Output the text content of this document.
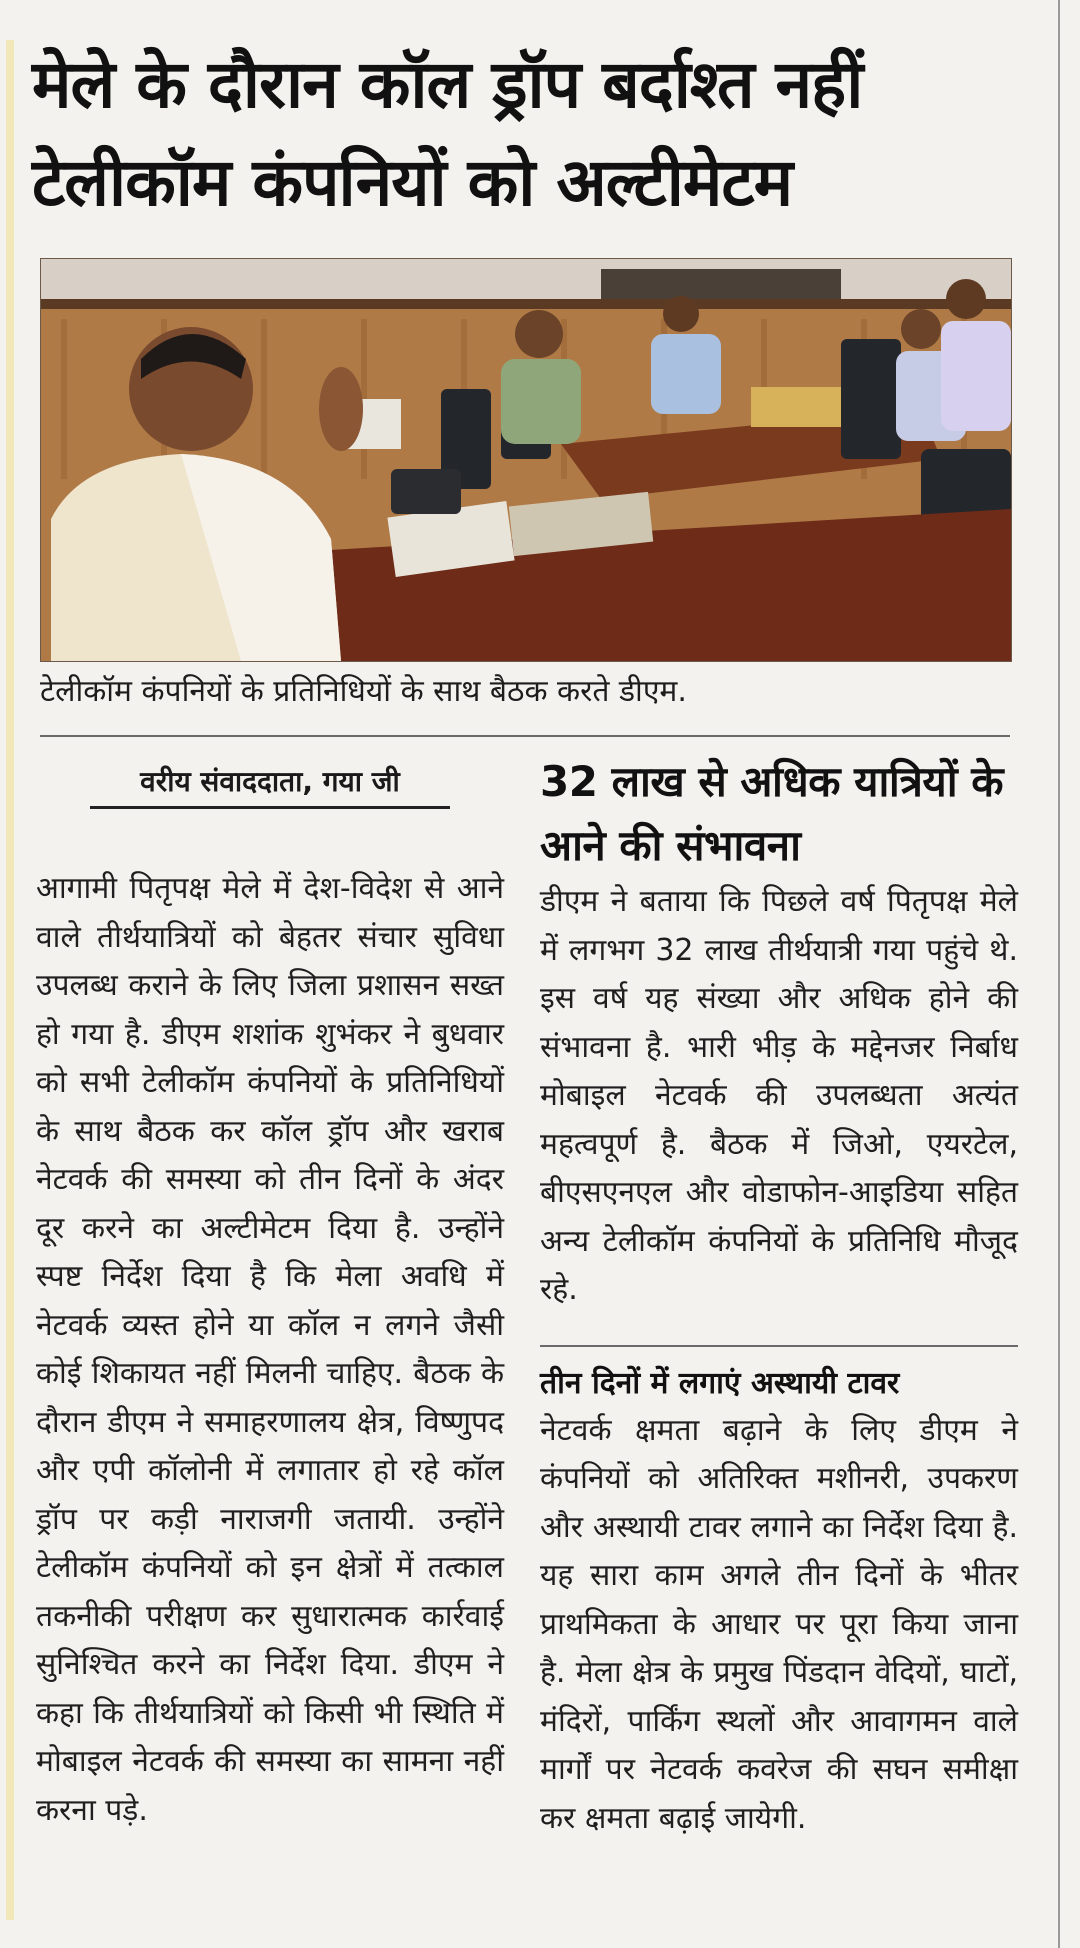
मेले के दौरान कॉल ड्रॉप बर्दाश्त नहीं
टेलीकॉम कंपनियों को अल्टीमेटम
टेलीकॉम कंपनियों के प्रतिनिधियों के साथ बैठक करते डीएम.
वरीय संवाददाता, गया जी
आगामी पितृपक्ष मेले में देश-विदेश से आने वाले तीर्थयात्रियों को बेहतर संचार सुविधा उपलब्ध कराने के लिए जिला प्रशासन सख्त हो गया है. डीएम शशांक शुभंकर ने बुधवार को सभी टेलीकॉम कंपनियों के प्रतिनिधियों के साथ बैठक कर कॉल ड्रॉप और खराब नेटवर्क की समस्या को तीन दिनों के अंदर दूर करने का अल्टीमेटम दिया है. उन्होंने स्पष्ट निर्देश दिया है कि मेला अवधि में नेटवर्क व्यस्त होने या कॉल न लगने जैसी कोई शिकायत नहीं मिलनी चाहिए. बैठक के दौरान डीएम ने समाहरणालय क्षेत्र, विष्णुपद और एपी कॉलोनी में लगातार हो रहे कॉल ड्रॉप पर कड़ी नाराजगी जतायी. उन्होंने टेलीकॉम कंपनियों को इन क्षेत्रों में तत्काल तकनीकी परीक्षण कर सुधारात्मक कार्रवाई सुनिश्चित करने का निर्देश दिया. डीएम ने कहा कि तीर्थयात्रियों को किसी भी स्थिति में मोबाइल नेटवर्क की समस्या का सामना नहीं करना पड़े.
32 लाख से अधिक यात्रियों के आने की संभावना
डीएम ने बताया कि पिछले वर्ष पितृपक्ष मेले में लगभग 32 लाख तीर्थयात्री गया पहुंचे थे. इस वर्ष यह संख्या और अधिक होने की संभावना है. भारी भीड़ के मद्देनजर निर्बाध मोबाइल नेटवर्क की उपलब्धता अत्यंत महत्वपूर्ण है. बैठक में जिओ, एयरटेल, बीएसएनएल और वोडाफोन-आइडिया सहित अन्य टेलीकॉम कंपनियों के प्रतिनिधि मौजूद रहे.
तीन दिनों में लगाएं अस्थायी टावर
नेटवर्क क्षमता बढ़ाने के लिए डीएम ने कंपनियों को अतिरिक्त मशीनरी, उपकरण और अस्थायी टावर लगाने का निर्देश दिया है. यह सारा काम अगले तीन दिनों के भीतर प्राथमिकता के आधार पर पूरा किया जाना है. मेला क्षेत्र के प्रमुख पिंडदान वेदियों, घाटों, मंदिरों, पार्किंग स्थलों और आवागमन वाले मार्गों पर नेटवर्क कवरेज की सघन समीक्षा कर क्षमता बढ़ाई जायेगी.
